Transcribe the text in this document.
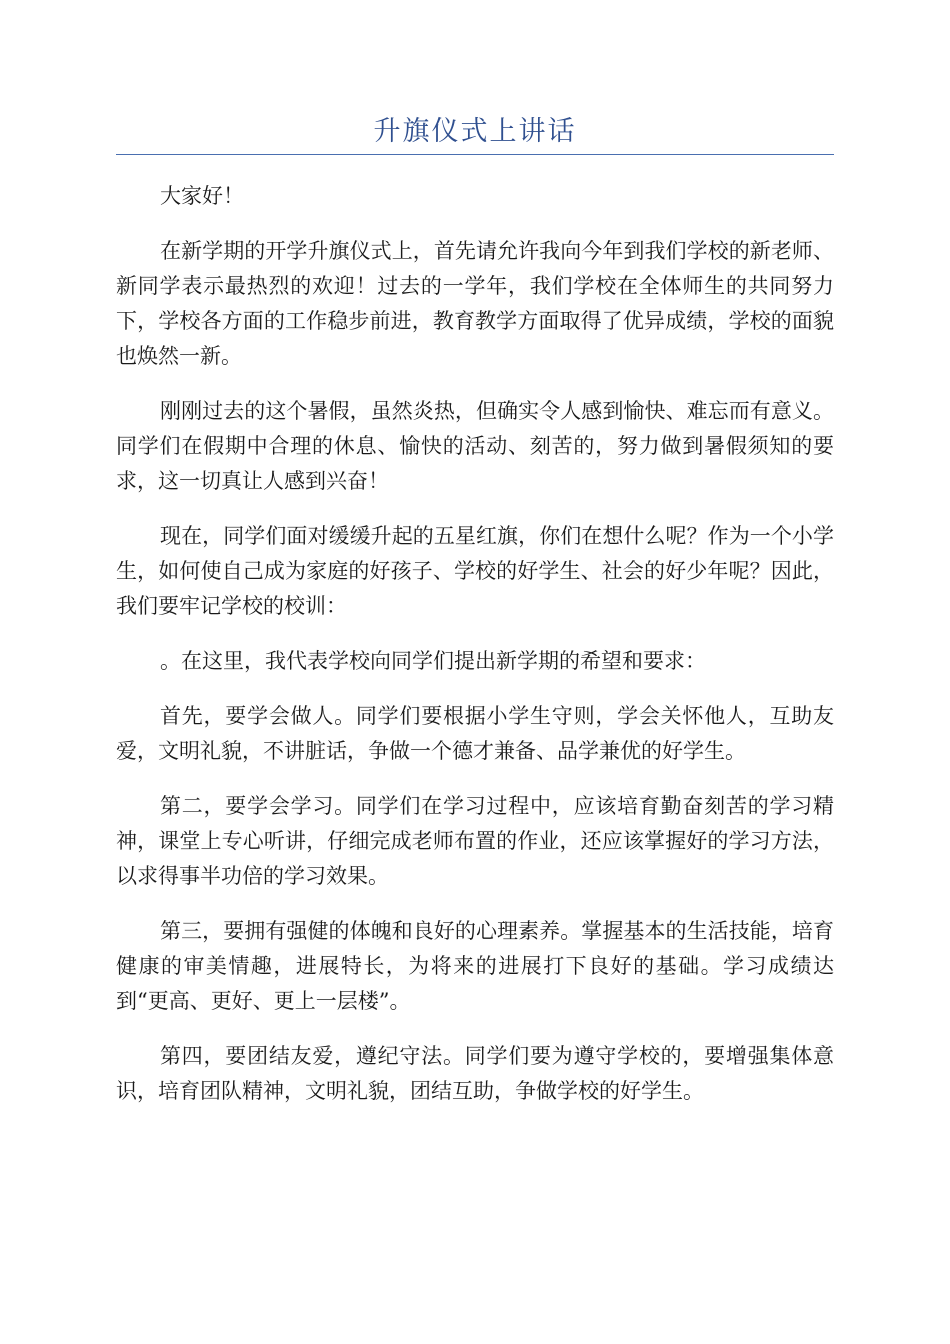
升旗仪式上讲话

大家好！

在新学期的开学升旗仪式上，首先请允许我向今年到我们学校的新老师、新同学表示最热烈的欢迎！过去的一学年，我们学校在全体师生的共同努力下，学校各方面的工作稳步前进，教育教学方面取得了优异成绩，学校的面貌也焕然一新。

刚刚过去的这个暑假，虽然炎热，但确实令人感到愉快、难忘而有意义。同学们在假期中合理的休息、愉快的活动、刻苦的，努力做到暑假须知的要求，这一切真让人感到兴奋！

现在，同学们面对缓缓升起的五星红旗，你们在想什么呢？作为一个小学生，如何使自己成为家庭的好孩子、学校的好学生、社会的好少年呢？因此，我们要牢记学校的校训：

。在这里，我代表学校向同学们提出新学期的希望和要求：

首先，要学会做人。同学们要根据小学生守则，学会关怀他人，互助友爱，文明礼貌，不讲脏话，争做一个德才兼备、品学兼优的好学生。

第二，要学会学习。同学们在学习过程中，应该培育勤奋刻苦的学习精神，课堂上专心听讲，仔细完成老师布置的作业，还应该掌握好的学习方法，以求得事半功倍的学习效果。

第三，要拥有强健的体魄和良好的心理素养。掌握基本的生活技能，培育健康的审美情趣，进展特长，为将来的进展打下良好的基础。学习成绩达到“更高、更好、更上一层楼”。

第四，要团结友爱，遵纪守法。同学们要为遵守学校的，要增强集体意识，培育团队精神，文明礼貌，团结互助，争做学校的好学生。
